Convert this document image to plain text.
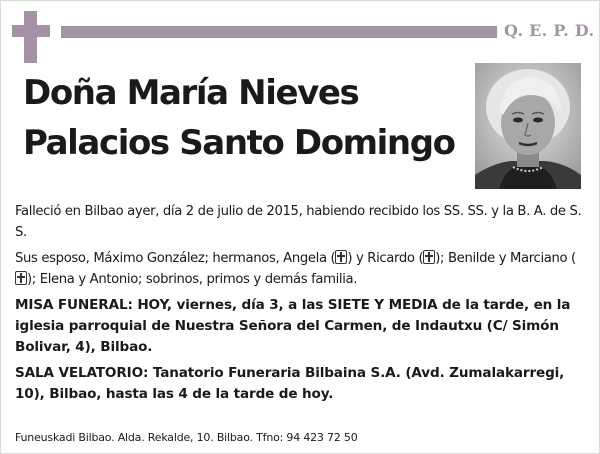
Q. E. P. D.
Doña María Nieves
Palacios Santo Domingo

Falleció en Bilbao ayer, día 2 de julio de 2015, habiendo recibido los SS. SS. y la B. A. de S. S.

Sus esposo, Máximo González; hermanos, Angela ( ) y Ricardo ( ); Benilde y Marciano (); Elena y Antonio; sobrinos, primos y demás familia.

MISA FUNERAL: HOY, viernes, día 3, a las SIETE Y MEDIA de la tarde, en la iglesia parroquial de Nuestra Señora del Carmen, de Indautxu (C/ Simón Bolivar, 4), Bilbao.

SALA VELATORIO: Tanatorio Funeraria Bilbaina S.A. (Avd. Zumalakarregi, 10), Bilbao, hasta las 4 de la tarde de hoy.

Funeuskadi Bilbao. Alda. Rekalde, 10. Bilbao. Tfno: 94 423 72 50
